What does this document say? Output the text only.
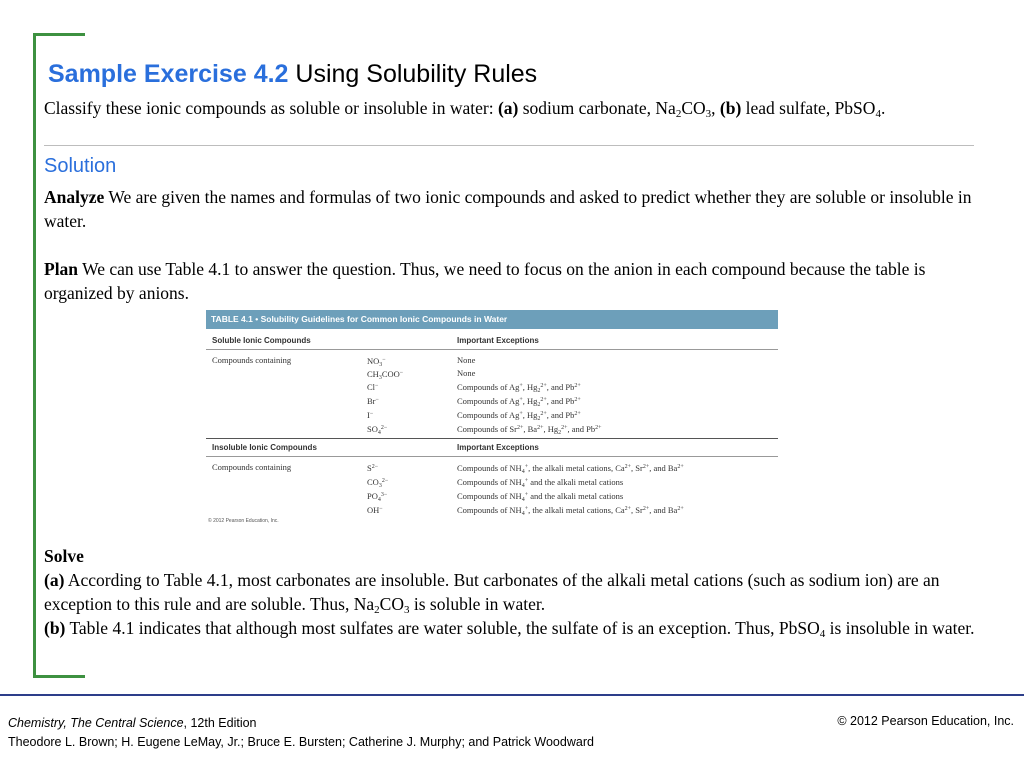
Sample Exercise 4.2 Using Solubility Rules
Classify these ionic compounds as soluble or insoluble in water: (a) sodium carbonate, $Na_2CO_3$, (b) lead sulfate, PbSO$_4$.
Solution
Analyze We are given the names and formulas of two ionic compounds and asked to predict whether they are soluble or insoluble in water.
Plan We can use Table 4.1 to answer the question. Thus, we need to focus on the anion in each compound because the table is organized by anions.
TABLE 4.1 • Solubility Guidelines for Common Ionic Compounds in Water
Soluble Ionic Compounds	Important Exceptions
Compounds containing	$NO_3^-$	None
$CH_3COO^-$	None
Cl−	Compounds of Ag+, $Hg_2^{2+}$, and $Pb^{2+}$
Br−	Compounds of Ag+, $Hg_2^{2+}$, and $Pb^{2+}$
I−	Compounds of Ag+, $Hg_2^{2+}$, and $Pb^{2+}$
$SO_4^{2-}$	Compounds of $Sr^{2+}$, $Ba^{2+}$, $Hg_2^{2+}$, and $Pb^{2+}$
Insoluble Ionic Compounds	Important Exceptions
Compounds containing	$S^{2-}$	Compounds of $NH_4^+$, the alkali metal cations, $Ca^{2+}$, $Sr^{2+}$, and $Ba^{2+}$
$CO_3^{2-}$	Compounds of $NH_4^+$ and the alkali metal cations
$PO_4^{3-}$	Compounds of $NH_4^+$ and the alkali metal cations
OH−	Compounds of $NH_4^+$, the alkali metal cations, $Ca^{2+}$, $Sr^{2+}$, and $Ba^{2+}$
© 2012 Pearson Education, Inc.
Solve
(a) According to Table 4.1, most carbonates are insoluble. But carbonates of the alkali metal cations (such as sodium ion) are an exception to this rule and are soluble. Thus, $Na_2CO_3$ is soluble in water.
(b) Table 4.1 indicates that although most sulfates are water soluble, the sulfate of is an exception. Thus, PbSO$_4$ is insoluble in water.
Chemistry, The Central Science, 12th Edition
Theodore L. Brown; H. Eugene LeMay, Jr.; Bruce E. Bursten; Catherine J. Murphy; and Patrick Woodward
© 2012 Pearson Education, Inc.
